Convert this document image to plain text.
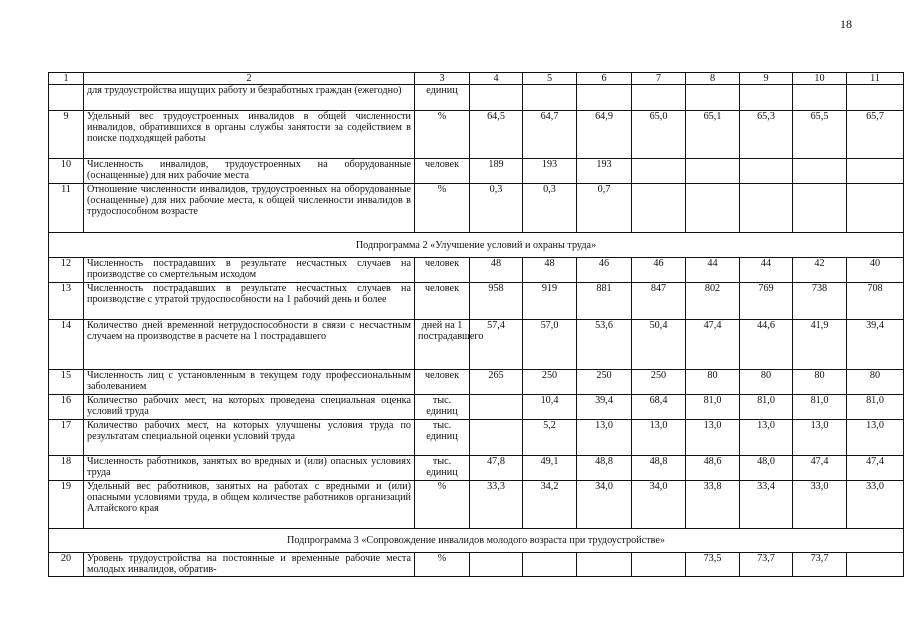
18
1	2	3	4	5	6	7	8	9	10	11
	для трудоустройства ищущих работу и безработных граждан (ежегодно)	единиц								
9	Удельный вес трудоустроенных инвалидов в общей численности инвалидов, обратившихся в органы службы занятости за содействием в поиске подходящей работы	%	64,5	64,7	64,9	65,0	65,1	65,3	65,5	65,7
10	Численность инвалидов, трудоустроенных на оборудованные (оснащенные) для них рабочие места	человек	189	193	193					
11	Отношение численности инвалидов, трудоустроенных на оборудованные (оснащенные) для них рабочие места, к общей численности инвалидов в трудоспособном возрасте	%	0,3	0,3	0,7					
Подпрограмма 2 «Улучшение условий и охраны труда»										
12	Численность пострадавших в результате несчастных случаев на производстве со смертельным исходом	человек	48	48	46	46	44	44	42	40
13	Численность пострадавших в результате несчастных случаев на производстве с утратой трудоспособности на 1 рабочий день и более	человек	958	919	881	847	802	769	738	708
14	Количество дней временной нетрудоспособности в связи с несчастным случаем на производстве в расчете на 1 пострадавшего	дней на 1 пострадавшего	57,4	57,0	53,6	50,4	47,4	44,6	41,9	39,4
15	Численность лиц с установленным в текущем году профессиональным заболеванием	человек	265	250	250	250	80	80	80	80
16	Количество рабочих мест, на которых проведена специальная оценка условий труда	тыс. единиц		10,4	39,4	68,4	81,0	81,0	81,0	81,0
17	Количество рабочих мест, на которых улучшены условия труда по результатам специальной оценки условий труда	тыс. единиц		5,2	13,0	13,0	13,0	13,0	13,0	13,0
18	Численность работников, занятых во вредных и (или) опасных условиях труда	тыс. единиц	47,8	49,1	48,8	48,8	48,6	48,0	47,4	47,4
19	Удельный вес работников, занятых на работах с вредными и (или) опасными условиями труда, в общем количестве работников организаций Алтайского края	%	33,3	34,2	34,0	34,0	33,8	33,4	33,0	33,0
Подпрограмма 3 «Сопровождение инвалидов молодого возраста при трудоустройстве»										
20	Уровень трудоустройства на постоянные и временные рабочие места молодых инвалидов, обратив-	%					73,5	73,7	73,7	
